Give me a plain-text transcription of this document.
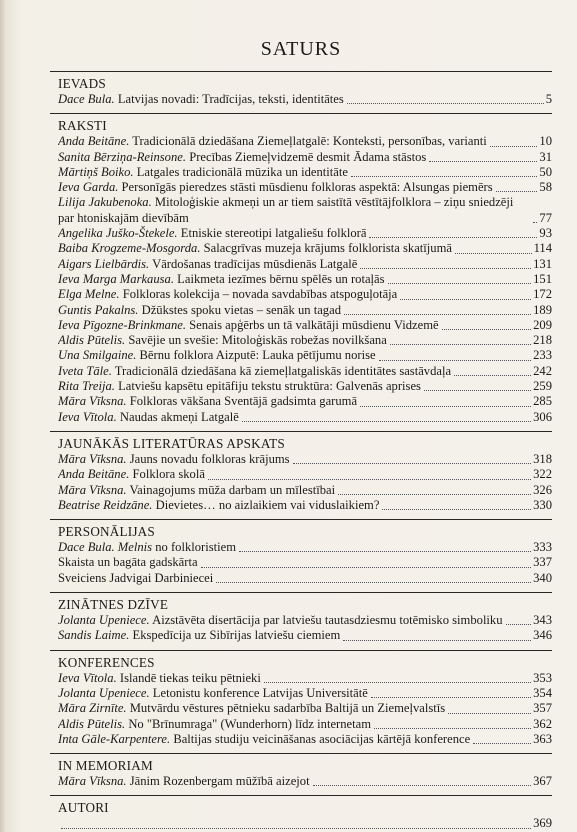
SATURS
IEVADS
Dace Bula. Latvijas novadi: Tradīcijas, teksti, identitātes	5
RAKSTI
Anda Beitāne. Tradicionālā dziedāšana Ziemeļlatgalē: Konteksti, personības, varianti	10
Sanita Bērziņa-Reinsone. Precības Ziemeļvidzemē desmit Ādama stāstos	31
Mārtiņš Boiko. Latgales tradicionālā mūzika un identitāte	50
Ieva Garda. Personīgās pieredzes stāsti mūsdienu folkloras aspektā: Alsungas piemērs	58
Lilija Jakubenoka. Mitoloģiskie akmeņi un ar tiem saistītā vēstītājfolklora – ziņu sniedzēji par htoniskajām dievībām	77
Angelika Juško-Štekele. Etniskie stereotipi latgaliešu folklorā	93
Baiba Krogzeme-Mosgorda. Salacgrīvas muzeja krājums folklorista skatījumā	114
Aigars Lielbārdis. Vārdošanas tradīcijas mūsdienās Latgalē	131
Ieva Marga Markausa. Laikmeta iezīmes bērnu spēlēs un rotaļās	151
Elga Melne. Folkloras kolekcija – novada savdabības atspoguļotāja	172
Guntis Pakalns. Džūkstes spoku vietas – senāk un tagad	189
Ieva Pīgozne-Brinkmane. Senais apģērbs un tā valkātāji mūsdienu Vidzemē	209
Aldis Pūtelis. Savējie un svešie: Mitoloģiskās robežas novilkšana	218
Una Smilgaine. Bērnu folklora Aizputē: Lauka pētījumu norise	233
Iveta Tāle. Tradicionālā dziedāšana kā ziemeļlatgaliskās identitātes sastāvdaļa	242
Rita Treija. Latviešu kapsētu epitāfiju tekstu struktūra: Galvenās aprises	259
Māra Vīksna. Folkloras vākšana Sventājā gadsimta garumā	285
Ieva Vītola. Naudas akmeņi Latgalē	306
JAUNĀKĀS LITERATŪRAS APSKATS
Māra Vīksna. Jauns novadu folkloras krājums	318
Anda Beitāne. Folklora skolā	322
Māra Vīksna. Vainagojums mūža darbam un mīlestībai	326
Beatrise Reidzāne. Dievietes… no aizlaikiem vai viduslaikiem?	330
PERSONĀLIJAS
Dace Bula. Melnis no folkloristiem	333
Skaista un bagāta gadskārta	337
Sveiciens Jadvigai Darbiniecei	340
ZINĀTNES DZĪVE
Jolanta Upeniece. Aizstāvēta disertācija par latviešu tautasdziesmu totēmisko simboliku 343
Sandis Laime. Ekspedīcija uz Sibīrijas latviešu ciemiem	346
KONFERENCES
Ieva Vītola. Islandē tiekas teiku pētnieki	353
Jolanta Upeniece. Letonistu konference Latvijas Universitātē	354
Māra Zirnīte. Mutvārdu vēstures pētnieku sadarbība Baltijā un Ziemeļvalstīs	357
Aldis Pūtelis. No "Brīnumraga" (Wunderhorn) līdz internetam	362
Inta Gāle-Karpentere. Baltijas studiju veicināšanas asociācijas kārtējā konference	363
IN MEMORIAM
Māra Vīksna. Jānim Rozenbergam mūžībā aizejot	367
AUTORI
369
